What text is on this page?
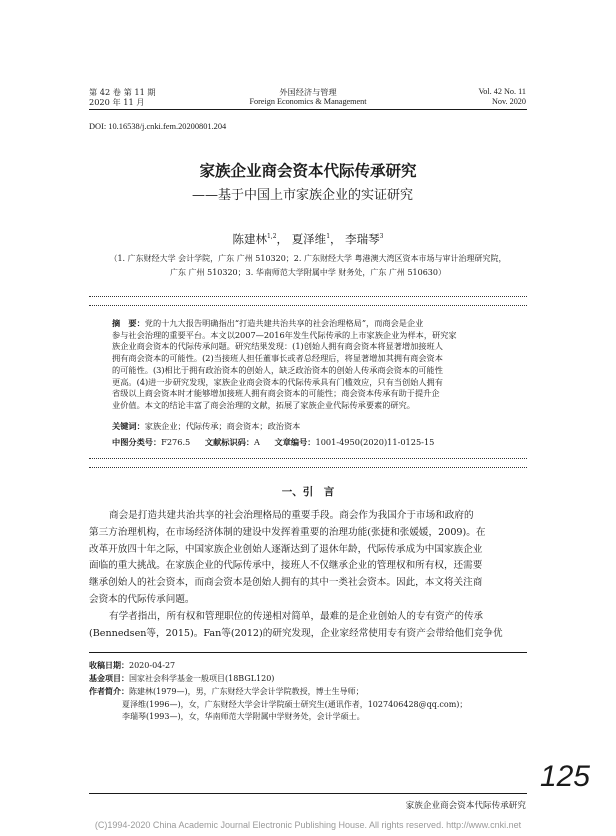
第 42 卷 第 11 期
2020 年 11 月
外国经济与管理
Foreign Economics & Management
Vol. 42 No. 11
Nov. 2020
DOI: 10.16538/j.cnki.fem.20200801.204
家族企业商会资本代际传承研究
——基于中国上市家族企业的实证研究
陈建林$^{1,2}$， 夏泽维$^1$， 李瑞琴$^3$
（1. 广东财经大学 会计学院，广东 广州 510320；2. 广东财经大学 粤港澳大湾区资本市场与审计治理研究院，
广东 广州 510320；3. 华南师范大学附属中学 财务处，广东 广州 510630）
摘　要：党的十九大报告明确指出“打造共建共治共享的社会治理格局”，而商会是企业
参与社会治理的重要平台。本文以2007—2016年发生代际传承的上市家族企业为样本，研究家
族企业商会资本的代际传承问题。研究结果发现：(1)创始人拥有商会资本将显著增加接班人
拥有商会资本的可能性。(2)当接班人担任董事长或者总经理后，将显著增加其拥有商会资本
的可能性。(3)相比于拥有政治资本的创始人，缺乏政治资本的创始人传承商会资本的可能性
更高。(4)进一步研究发现，家族企业商会资本的代际传承具有门槛效应，只有当创始人拥有
省级以上商会资本时才能够增加接班人拥有商会资本的可能性；商会资本传承有助于提升企
业价值。本文的结论丰富了商会治理的文献，拓展了家族企业代际传承要素的研究。
关键词：家族企业；代际传承；商会资本；政治资本
中图分类号：F276.5 文献标识码：A 文章编号：1001-4950(2020)11-0125-15
一、引　言
商会是打造共建共治共享的社会治理格局的重要手段。商会作为我国介于市场和政府的
第三方治理机构，在市场经济体制的建设中发挥着重要的治理功能(张捷和张媛媛，2009)。在
改革开放四十年之际，中国家族企业创始人逐渐达到了退休年龄，代际传承成为中国家族企业
面临的重大挑战。在家族企业的代际传承中，接班人不仅继承企业的管理权和所有权，还需要
继承创始人的社会资本，而商会资本是创始人拥有的其中一类社会资本。因此，本文将关注商
会资本的代际传承问题。
有学者指出，所有权和管理职位的传递相对简单，最难的是企业创始人的专有资产的传承
(Bennedsen等，2015)。Fan等(2012)的研究发现，企业家经常使用专有资产会带给他们竞争优
收稿日期：2020-04-27
基金项目：国家社会科学基金一般项目(18BGL120)
作者简介：陈建林(1979—)，男，广东财经大学会计学院教授，博士生导师；
夏泽维(1996—)，女，广东财经大学会计学院硕士研究生(通讯作者，1027406428@qq.com)；
李瑞琴(1993—)，女，华南师范大学附属中学财务处，会计学硕士。
125
家族企业商会资本代际传承研究
(C)1994-2020 China Academic Journal Electronic Publishing House. All rights reserved. http://www.cnki.net
